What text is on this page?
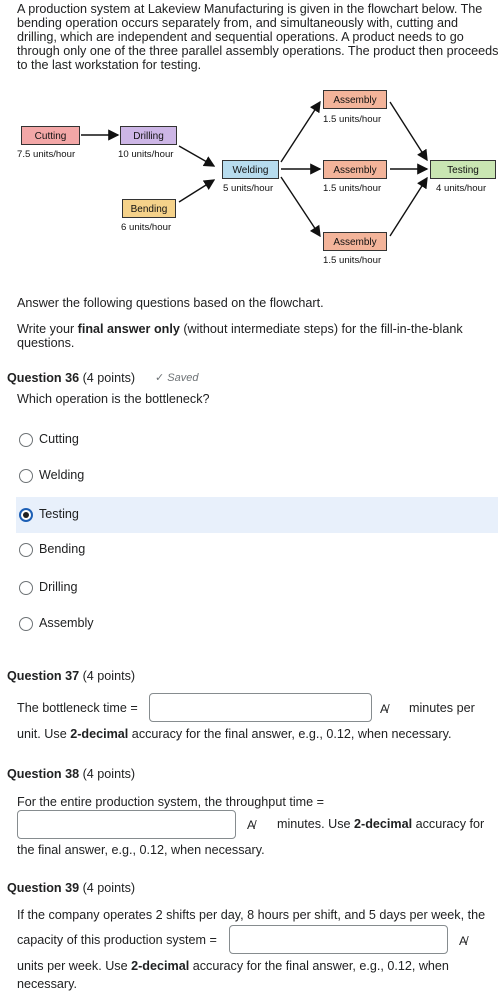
A production system at Lakeview Manufacturing is given in the flowchart below. The bending operation occurs separately from, and simultaneously with, cutting and drilling, which are independent and sequential operations. A product needs to go through only one of the three parallel assembly operations. The product then proceeds to the last workstation for testing.
Cutting
7.5 units/hour
Drilling
10 units/hour
Bending
6 units/hour
Welding
5 units/hour
Assembly
1.5 units/hour
Assembly
1.5 units/hour
Assembly
1.5 units/hour
Testing
4 units/hour
Answer the following questions based on the flowchart.
Write your final answer only (without intermediate steps) for the fill-in-the-blank questions.
Question 36 (4 points) ✓ Saved
Which operation is the bottleneck?
Cutting
Welding
Testing
Bending
Drilling
Assembly
Question 37 (4 points)
The bottleneck time =	A̸ minutes per
unit. Use 2-decimal accuracy for the final answer, e.g., 0.12, when necessary.
Question 38 (4 points)
For the entire production system, the throughput time =
A̸ minutes. Use 2-decimal accuracy for
the final answer, e.g., 0.12, when necessary.
Question 39 (4 points)
If the company operates 2 shifts per day, 8 hours per shift, and 5 days per week, the
capacity of this production system =	A̸
units per week. Use 2-decimal accuracy for the final answer, e.g., 0.12, when
necessary.
